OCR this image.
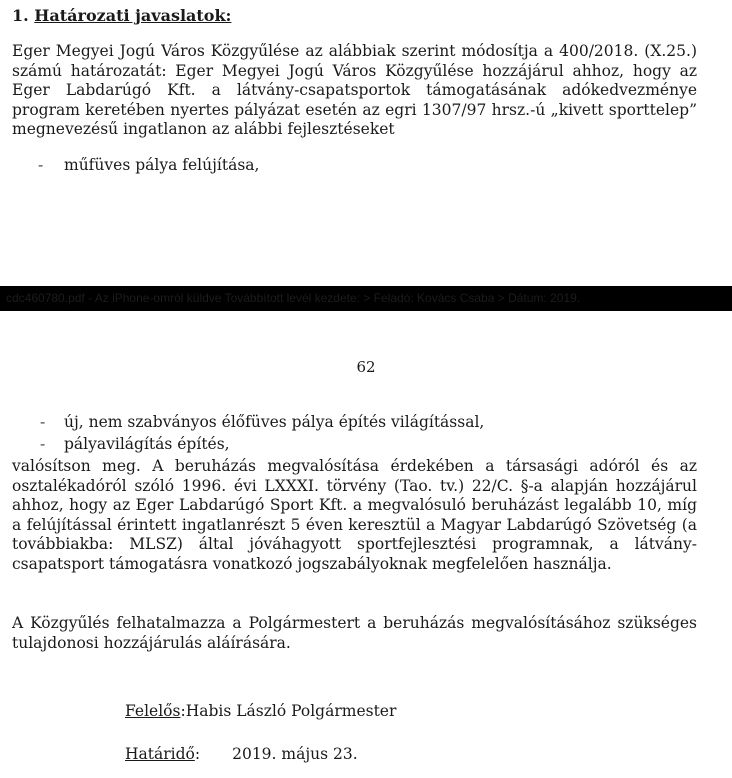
1. Határozati javaslatok:

Eger Megyei Jogú Város Közgyűlése az alábbiak szerint módosítja a 400/2018. (X.25.) számú határozatát: Eger Megyei Jogú Város Közgyűlése hozzájárul ahhoz, hogy az Eger Labdarúgó Kft. a látvány-csapatsportok támogatásának adókedvezménye program keretében nyertes pályázat esetén az egri 1307/97 hrsz.-ú „kivett sporttelep” megnevezésű ingatlanon az alábbi fejlesztéseket

- műfüves pálya felújítása,
cdc460780.pdf - Az iPhone-omról küldve Továbbított levél kezdete: > Feladó: Kovács Csaba > Dátum: 2019.
62
- új, nem szabványos élőfüves pálya építés világítással,
- pályavilágítás építés,

valósítson meg. A beruházás megvalósítása érdekében a társasági adóról és az osztalékadóról szóló 1996. évi LXXXI. törvény (Tao. tv.) 22/C. §-a alapján hozzájárul ahhoz, hogy az Eger Labdarúgó Sport Kft. a megvalósuló beruházást legalább 10, míg a felújítással érintett ingatlanrészt 5 éven keresztül a Magyar Labdarúgó Szövetség (a továbbiakba: MLSZ) által jóváhagyott sportfejlesztési programnak, a látvány-csapatsport támogatásra vonatkozó jogszabályoknak megfelelően használja.

A Közgyűlés felhatalmazza a Polgármestert a beruházás megvalósításához szükséges tulajdonosi hozzájárulás aláírására.

Felelős:Habis László Polgármester
Határidő: 2019. május 23.
